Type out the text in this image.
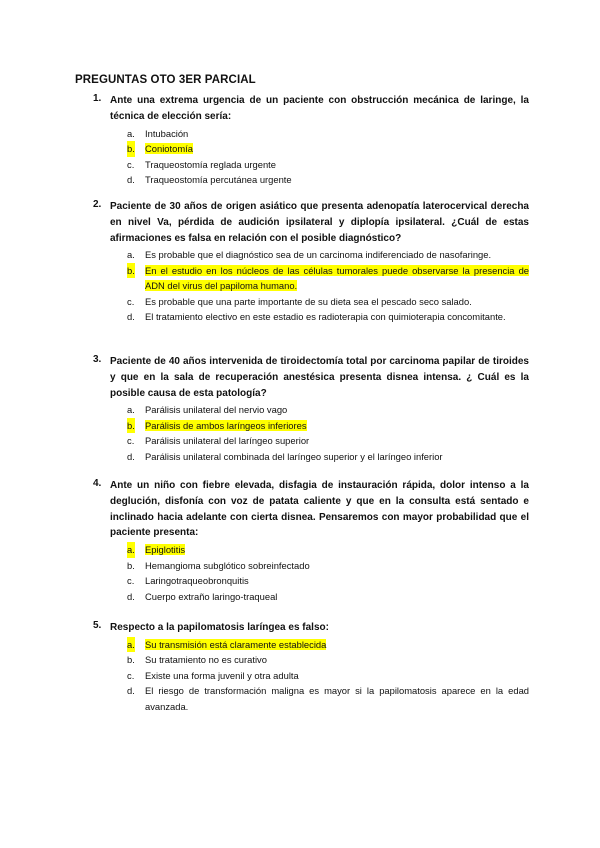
PREGUNTAS OTO 3ER PARCIAL
1. Ante una extrema urgencia de un paciente con obstrucción mecánica de laringe, la técnica de elección sería:
a. Intubación
b. Coniotomía
c. Traqueostomía reglada urgente
d. Traqueostomía percutánea urgente
2. Paciente de 30 años de origen asiático que presenta adenopatía laterocervical derecha en nivel Va, pérdida de audición ipsilateral y diplopía ipsilateral. ¿Cuál de estas afirmaciones es falsa en relación con el posible diagnóstico?
a. Es probable que el diagnóstico sea de un carcinoma indiferenciado de nasofaringe.
b. En el estudio en los núcleos de las células tumorales puede observarse la presencia de ADN del virus del papiloma humano.
c. Es probable que una parte importante de su dieta sea el pescado seco salado.
d. El tratamiento electivo en este estadio es radioterapia con quimioterapia concomitante.
3. Paciente de 40 años intervenida de tiroidectomía total por carcinoma papilar de tiroides y que en la sala de recuperación anestésica presenta disnea intensa. ¿ Cuál es la posible causa de esta patología?
a. Parálisis unilateral del nervio vago
b. Parálisis de ambos laríngeos inferiores
c. Parálisis unilateral del laríngeo superior
d. Parálisis unilateral combinada del laríngeo superior y el laríngeo inferior
4. Ante un niño con fiebre elevada, disfagia de instauración rápida, dolor intenso a la deglución, disfonía con voz de patata caliente y que en la consulta está sentado e inclinado hacia adelante con cierta disnea. Pensaremos con mayor probabilidad que el paciente presenta:
a. Epiglotitis
b. Hemangioma subglótico sobreinfectado
c. Laringotraqueobronquitis
d. Cuerpo extraño laringo-traqueal
5. Respecto a la papilomatosis laríngea es falso:
a. Su transmisión está claramente establecida
b. Su tratamiento no es curativo
c. Existe una forma juvenil y otra adulta
d. El riesgo de transformación maligna es mayor si la papilomatosis aparece en la edad avanzada.
